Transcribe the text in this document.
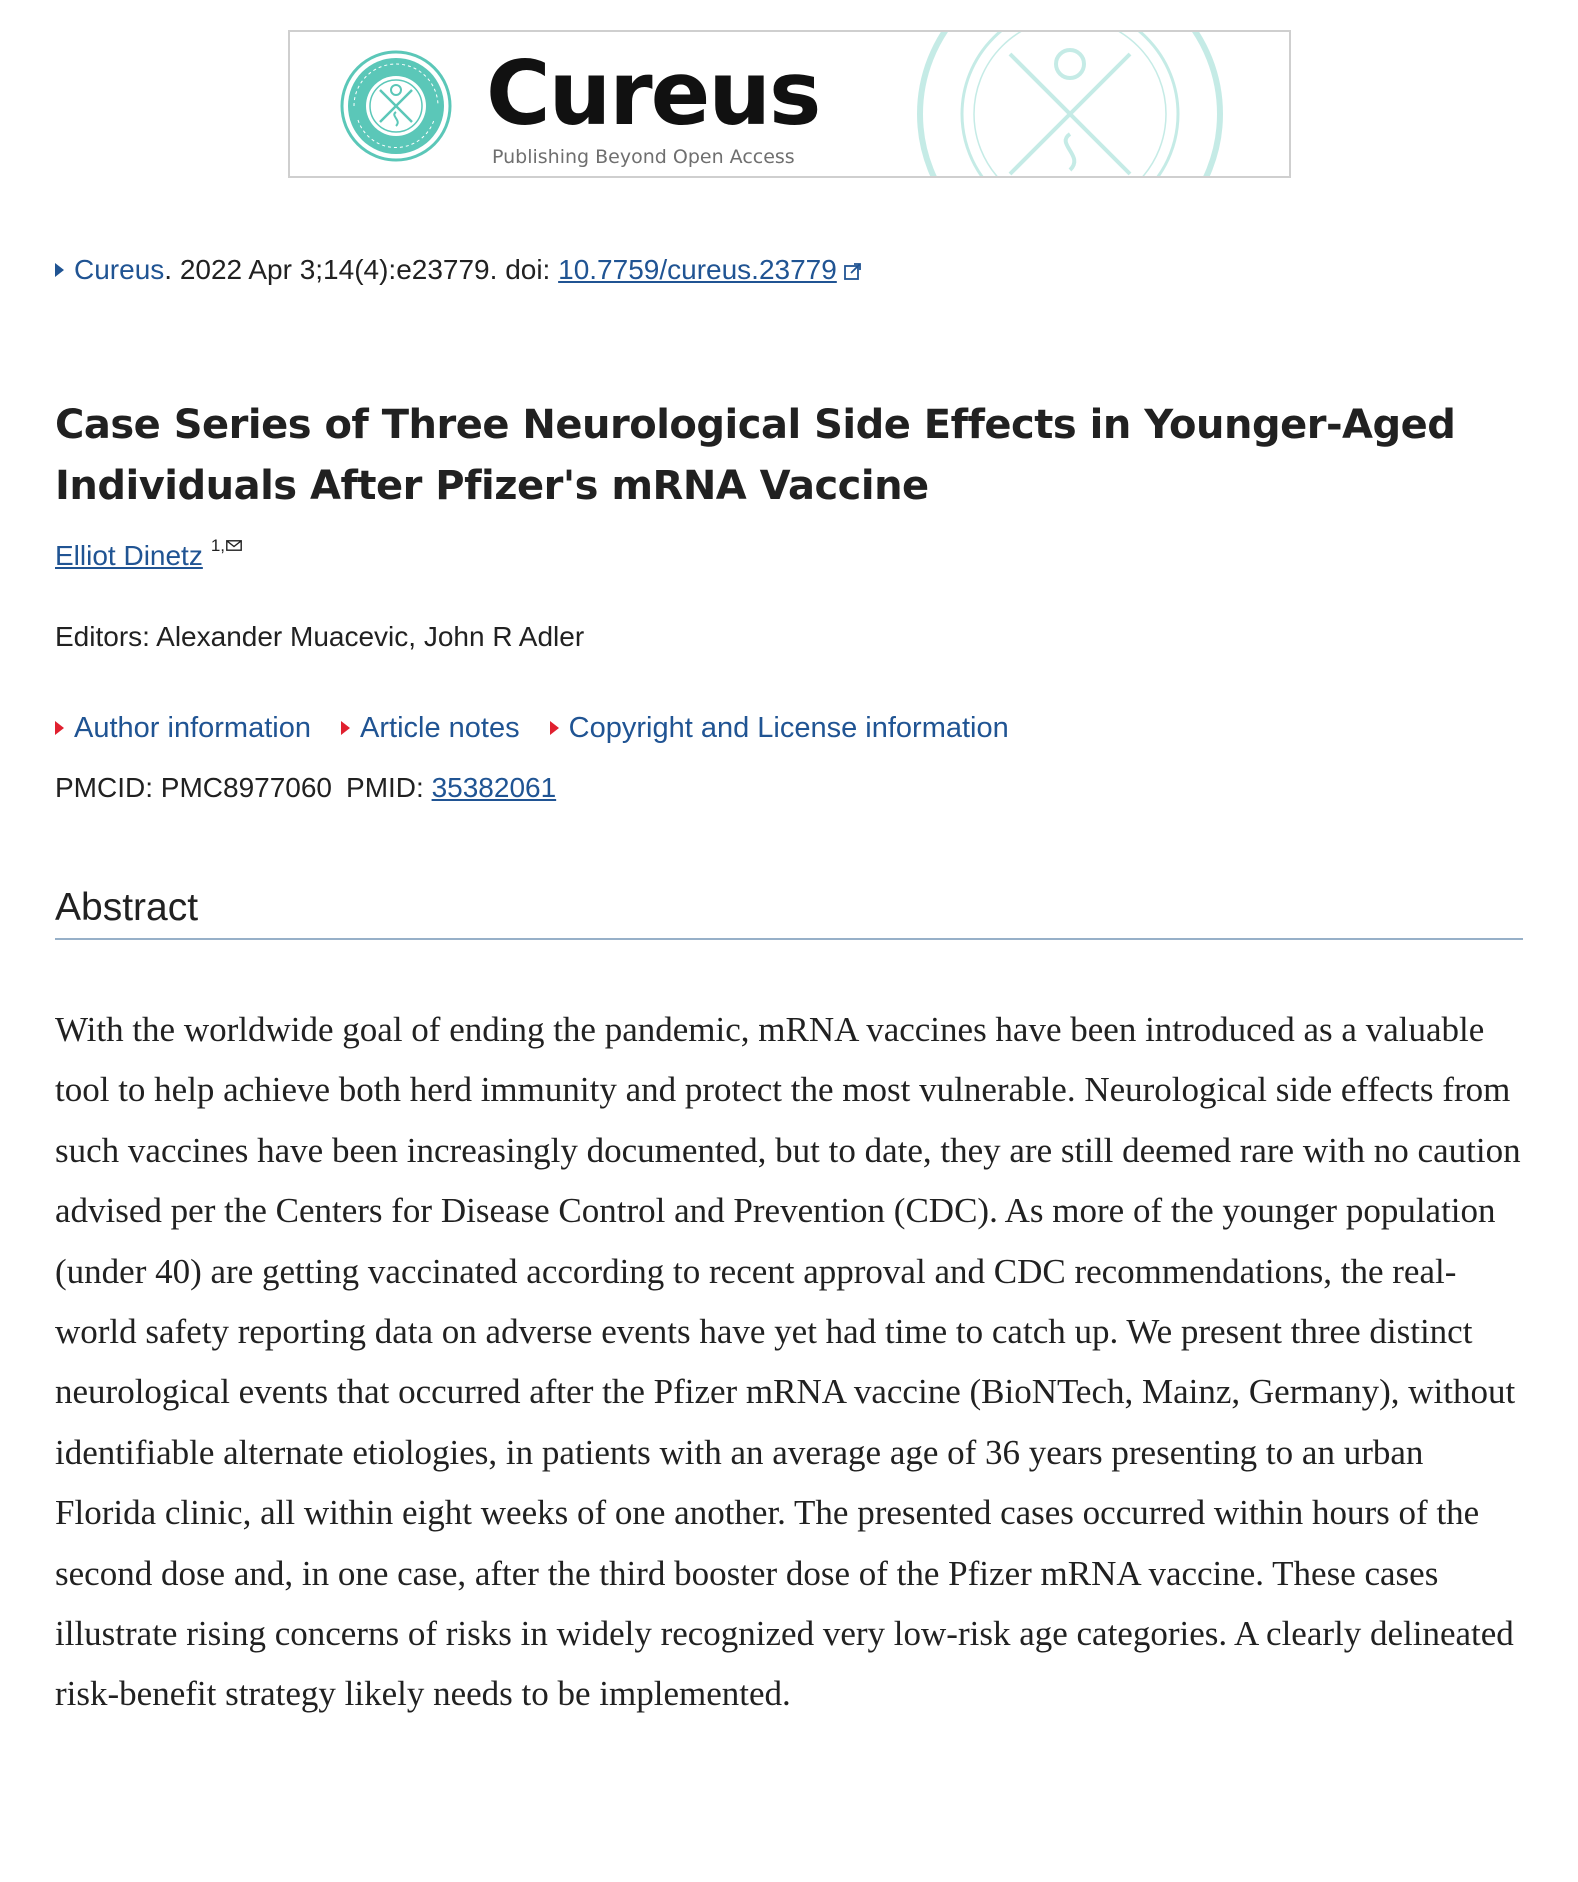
Cureus
Publishing Beyond Open Access
Cureus. 2022 Apr 3;14(4):e23779. doi: 10.7759/cureus.23779
Case Series of Three Neurological Side Effects in Younger-Aged Individuals After Pfizer's mRNA Vaccine
Elliot Dinetz $^{1,}$
Editors: Alexander Muacevic, John R Adler
Author information Article notes Copyright and License information
PMCID: PMC8977060 PMID: 35382061
Abstract

With the worldwide goal of ending the pandemic, mRNA vaccines have been introduced as a valuable tool to help achieve both herd immunity and protect the most vulnerable. Neurological side effects from such vaccines have been increasingly documented, but to date, they are still deemed rare with no caution advised per the Centers for Disease Control and Prevention (CDC). As more of the younger population (under 40) are getting vaccinated according to recent approval and CDC recommendations, the real-world safety reporting data on adverse events have yet had time to catch up. We present three distinct neurological events that occurred after the Pfizer mRNA vaccine (BioNTech, Mainz, Germany), without identifiable alternate etiologies, in patients with an average age of 36 years presenting to an urban Florida clinic, all within eight weeks of one another. The presented cases occurred within hours of the second dose and, in one case, after the third booster dose of the Pfizer mRNA vaccine. These cases illustrate rising concerns of risks in widely recognized very low-risk age categories. A clearly delineated risk-benefit strategy likely needs to be implemented.
